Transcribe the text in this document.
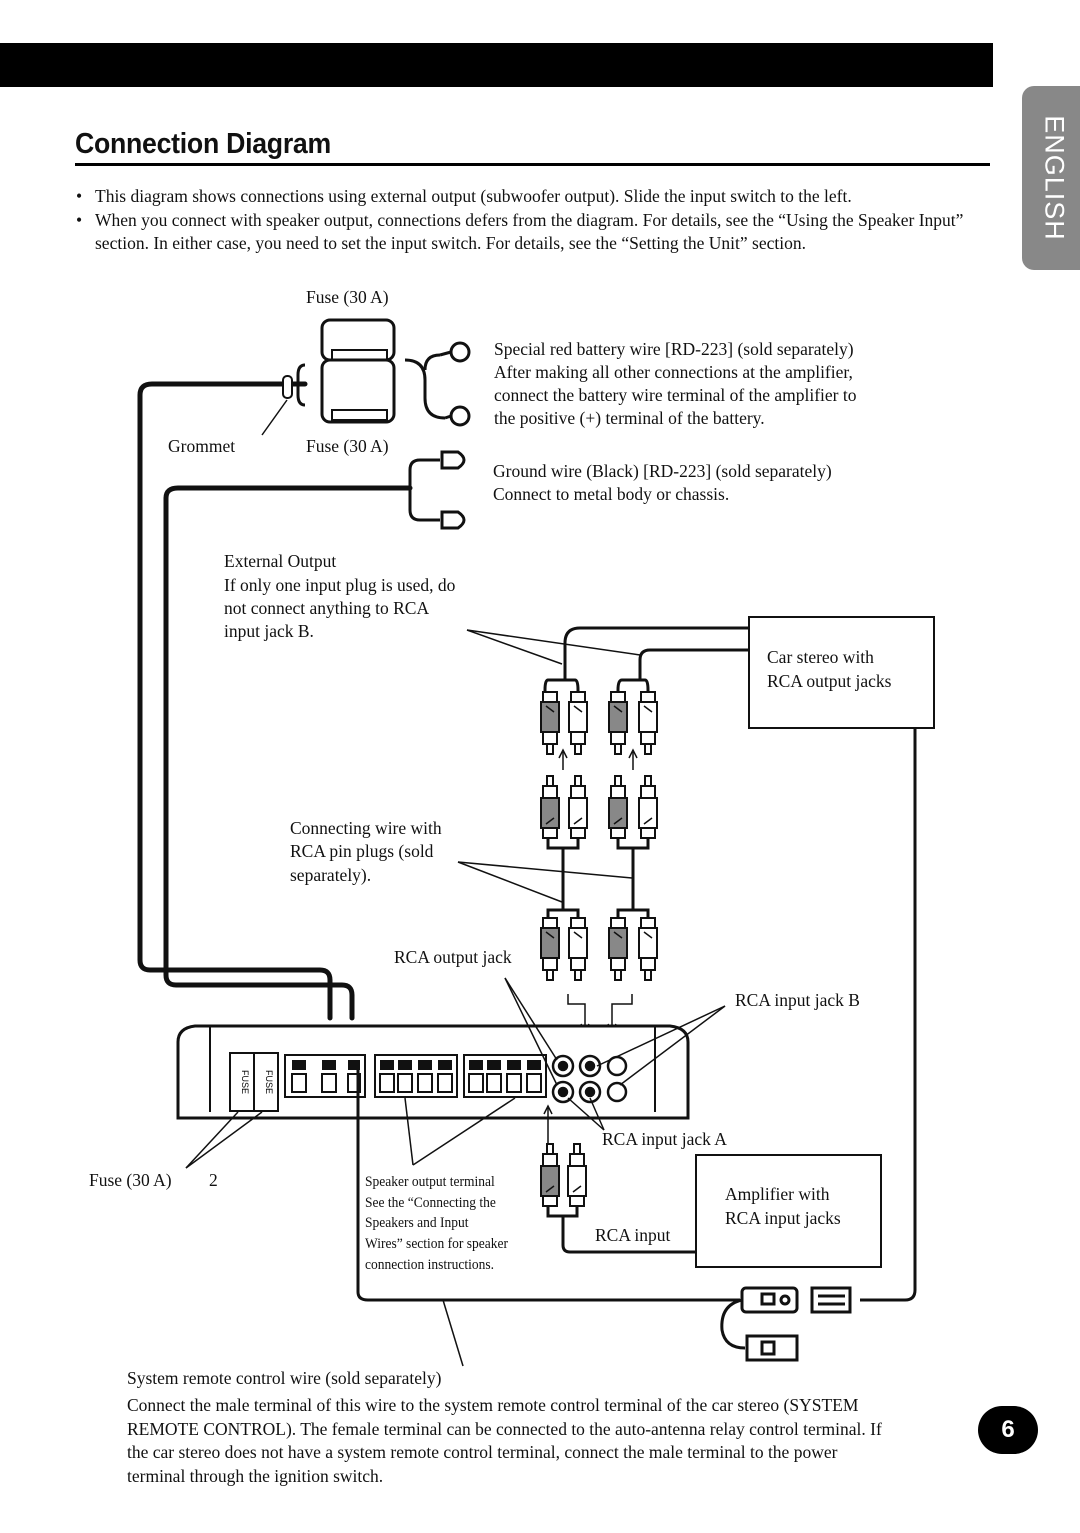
Connection Diagram	ENGLISH
• This diagram shows connections using external output (subwoofer output). Slide the input switch to the left.
• When you connect with speaker output, connections defers from the diagram. For details, see the “Using the Speaker Input” section. In either case, you need to set the input switch. For details, see the “Setting the Unit” section.
FUSE FUSE
Fuse (30 A)
Grommet	Fuse (30 A)
Special red battery wire [RD-223] (sold separately)
After making all other connections at the amplifier,
connect the battery wire terminal of the amplifier to
the positive (+) terminal of the battery.
Ground wire (Black) [RD-223] (sold separately)
Connect to metal body or chassis.
External Output
If only one input plug is used, do
not connect anything to RCA
input jack B.
Car stereo with
RCA output jacks
Connecting wire with
RCA pin plugs (sold
separately).
RCA output jack
RCA input jack B
RCA input jack A
Fuse (30 A) 2	Speaker output terminal
See the “Connecting the
Speakers and Input
Wires” section for speaker
connection instructions.
RCA input
Amplifier with
RCA input jacks
System remote control wire (sold separately)
Connect the male terminal of this wire to the system remote control terminal of the car stereo (SYSTEM REMOTE CONTROL). The female terminal can be connected to the auto-antenna relay control terminal. If the car stereo does not have a system remote control terminal, connect the male terminal to the power terminal through the ignition switch.
6
